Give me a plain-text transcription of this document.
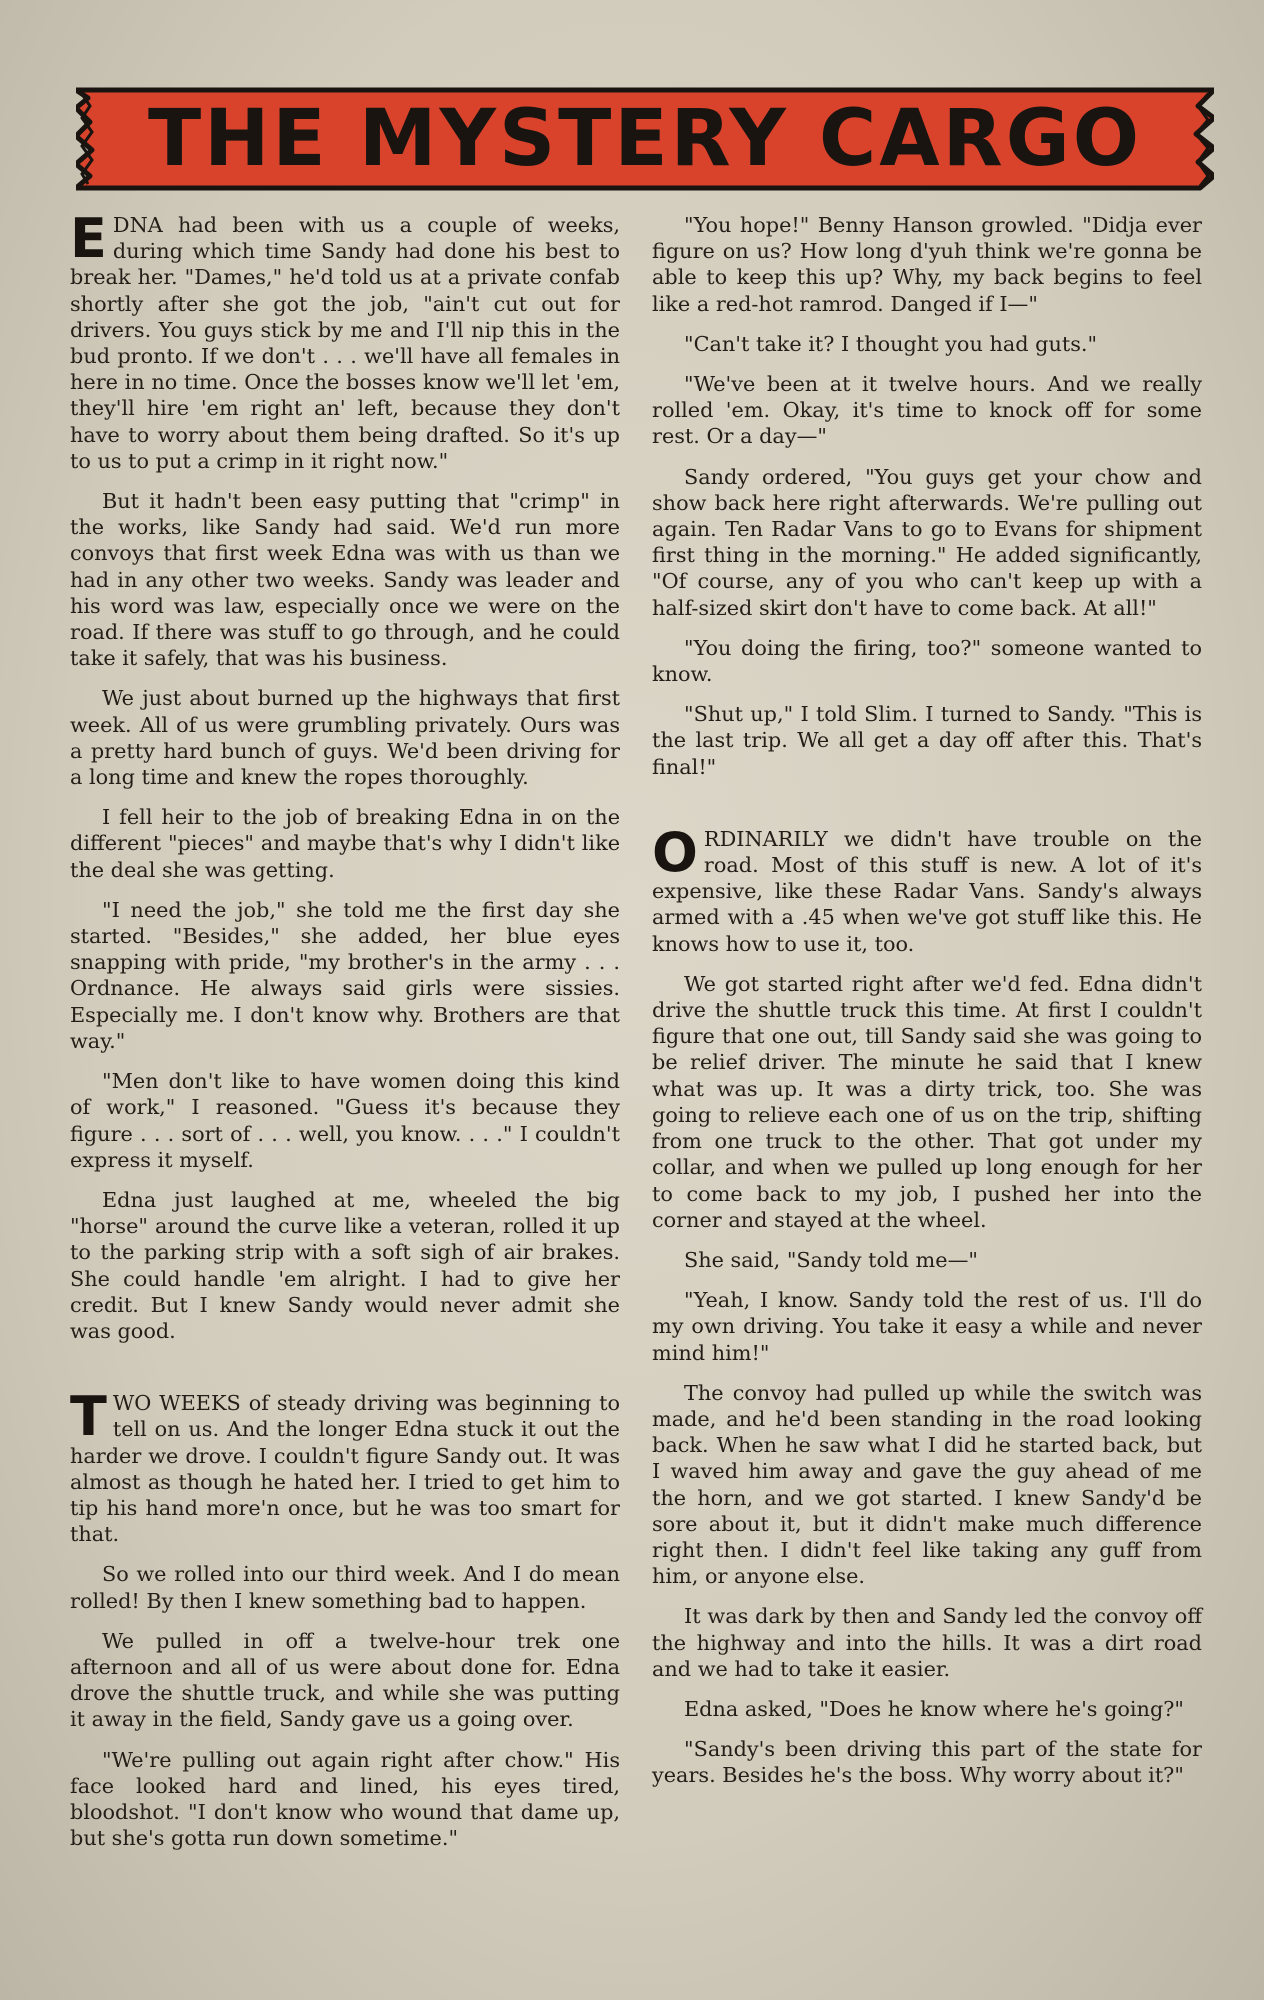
THE MYSTERY CARGO

EDNA had been with us a couple of weeks, during which time Sandy had done his best to break her. "Dames," he'd told us at a private confab shortly after she got the job, "ain't cut out for drivers. You guys stick by me and I'll nip this in the bud pronto. If we don't . . . we'll have all females in here in no time. Once the bosses know we'll let 'em, they'll hire 'em right an' left, because they don't have to worry about them being drafted. So it's up to us to put a crimp in it right now."

But it hadn't been easy putting that "crimp" in the works, like Sandy had said. We'd run more convoys that first week Edna was with us than we had in any other two weeks. Sandy was leader and his word was law, especially once we were on the road. If there was stuff to go through, and he could take it safely, that was his business.

We just about burned up the highways that first week. All of us were grumbling privately. Ours was a pretty hard bunch of guys. We'd been driving for a long time and knew the ropes thoroughly.

I fell heir to the job of breaking Edna in on the different "pieces" and maybe that's why I didn't like the deal she was getting.

"I need the job," she told me the first day she started. "Besides," she added, her blue eyes snapping with pride, "my brother's in the army . . . Ordnance. He always said girls were sissies. Especially me. I don't know why. Brothers are that way."

"Men don't like to have women doing this kind of work," I reasoned. "Guess it's because they figure . . . sort of . . . well, you know. . . ." I couldn't express it myself.

Edna just laughed at me, wheeled the big "horse" around the curve like a veteran, rolled it up to the parking strip with a soft sigh of air brakes. She could handle 'em alright. I had to give her credit. But I knew Sandy would never admit she was good.

TWO WEEKS of steady driving was beginning to tell on us. And the longer Edna stuck it out the harder we drove. I couldn't figure Sandy out. It was almost as though he hated her. I tried to get him to tip his hand more'n once, but he was too smart for that.

So we rolled into our third week. And I do mean rolled! By then I knew something bad to happen.

We pulled in off a twelve-hour trek one afternoon and all of us were about done for. Edna drove the shuttle truck, and while she was putting it away in the field, Sandy gave us a going over.

"We're pulling out again right after chow." His face looked hard and lined, his eyes tired, bloodshot. "I don't know who wound that dame up, but she's gotta run down sometime."

"You hope!" Benny Hanson growled. "Didja ever figure on us? How long d'yuh think we're gonna be able to keep this up? Why, my back begins to feel like a red-hot ramrod. Danged if I—"

"Can't take it? I thought you had guts."

"We've been at it twelve hours. And we really rolled 'em. Okay, it's time to knock off for some rest. Or a day—"

Sandy ordered, "You guys get your chow and show back here right afterwards. We're pulling out again. Ten Radar Vans to go to Evans for shipment first thing in the morning." He added significantly, "Of course, any of you who can't keep up with a half-sized skirt don't have to come back. At all!"

"You doing the firing, too?" someone wanted to know.

"Shut up," I told Slim. I turned to Sandy. "This is the last trip. We all get a day off after this. That's final!"

ORDINARILY we didn't have trouble on the road. Most of this stuff is new. A lot of it's expensive, like these Radar Vans. Sandy's always armed with a .45 when we've got stuff like this. He knows how to use it, too.

We got started right after we'd fed. Edna didn't drive the shuttle truck this time. At first I couldn't figure that one out, till Sandy said she was going to be relief driver. The minute he said that I knew what was up. It was a dirty trick, too. She was going to relieve each one of us on the trip, shifting from one truck to the other. That got under my collar, and when we pulled up long enough for her to come back to my job, I pushed her into the corner and stayed at the wheel.

She said, "Sandy told me—"

"Yeah, I know. Sandy told the rest of us. I'll do my own driving. You take it easy a while and never mind him!"

The convoy had pulled up while the switch was made, and he'd been standing in the road looking back. When he saw what I did he started back, but I waved him away and gave the guy ahead of me the horn, and we got started. I knew Sandy'd be sore about it, but it didn't make much difference right then. I didn't feel like taking any guff from him, or anyone else.

It was dark by then and Sandy led the convoy off the highway and into the hills. It was a dirt road and we had to take it easier.

Edna asked, "Does he know where he's going?"

"Sandy's been driving this part of the state for years. Besides he's the boss. Why worry about it?"
